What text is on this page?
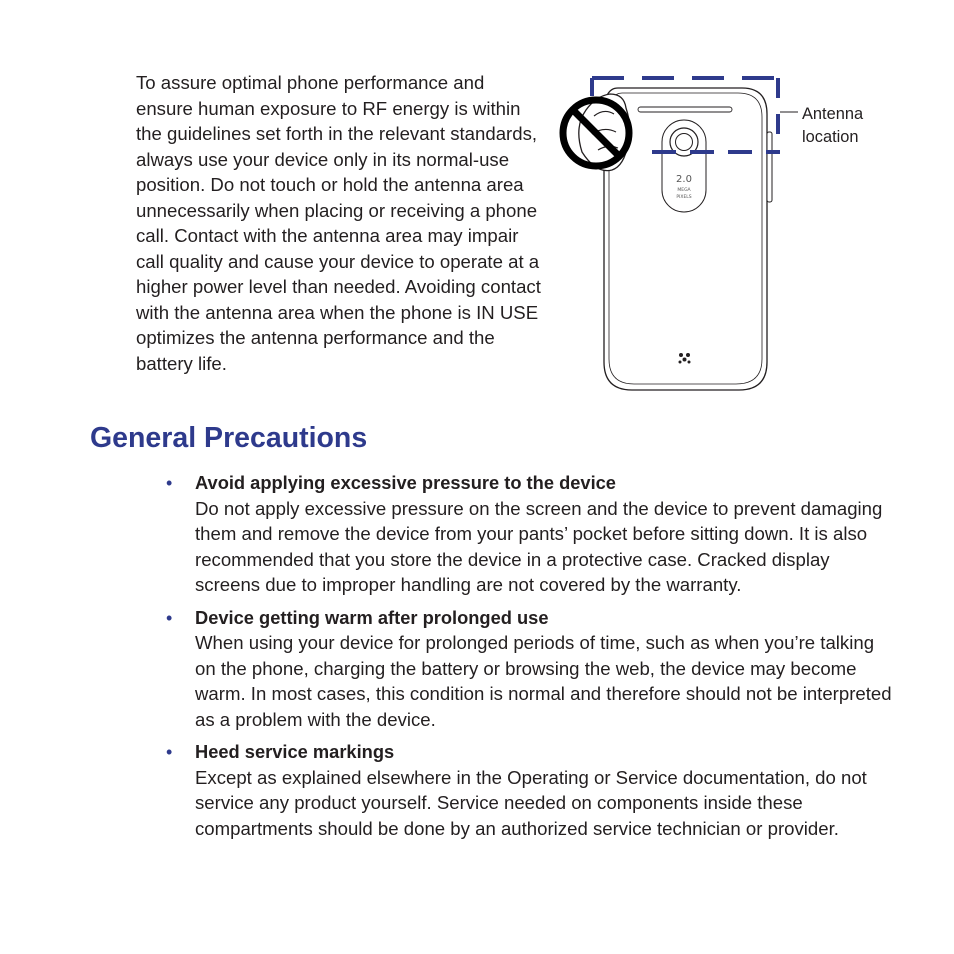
To assure optimal phone performance and ensure human exposure to RF energy is within the guidelines set forth in the relevant standards, always use your device only in its normal-use position. Do not touch or hold the antenna area unnecessarily when placing or receiving a phone call. Contact with the antenna area may impair call quality and cause your device to operate at a higher power level than needed. Avoiding contact with the antenna area when the phone is IN USE optimizes the antenna performance and the battery life.

2.0
MEGA
PIXELS
Antenna
location
General Precautions
• Avoid applying excessive pressure to the device
Do not apply excessive pressure on the screen and the device to prevent damaging them and remove the device from your pants’ pocket before sitting down. It is also recommended that you store the device in a protective case. Cracked display screens due to improper handling are not covered by the warranty.
• Device getting warm after prolonged use
When using your device for prolonged periods of time, such as when you’re talking on the phone, charging the battery or browsing the web, the device may become warm. In most cases, this condition is normal and therefore should not be interpreted as a problem with the device.
• Heed service markings
Except as explained elsewhere in the Operating or Service documentation, do not service any product yourself. Service needed on components inside these compartments should be done by an authorized service technician or provider.
